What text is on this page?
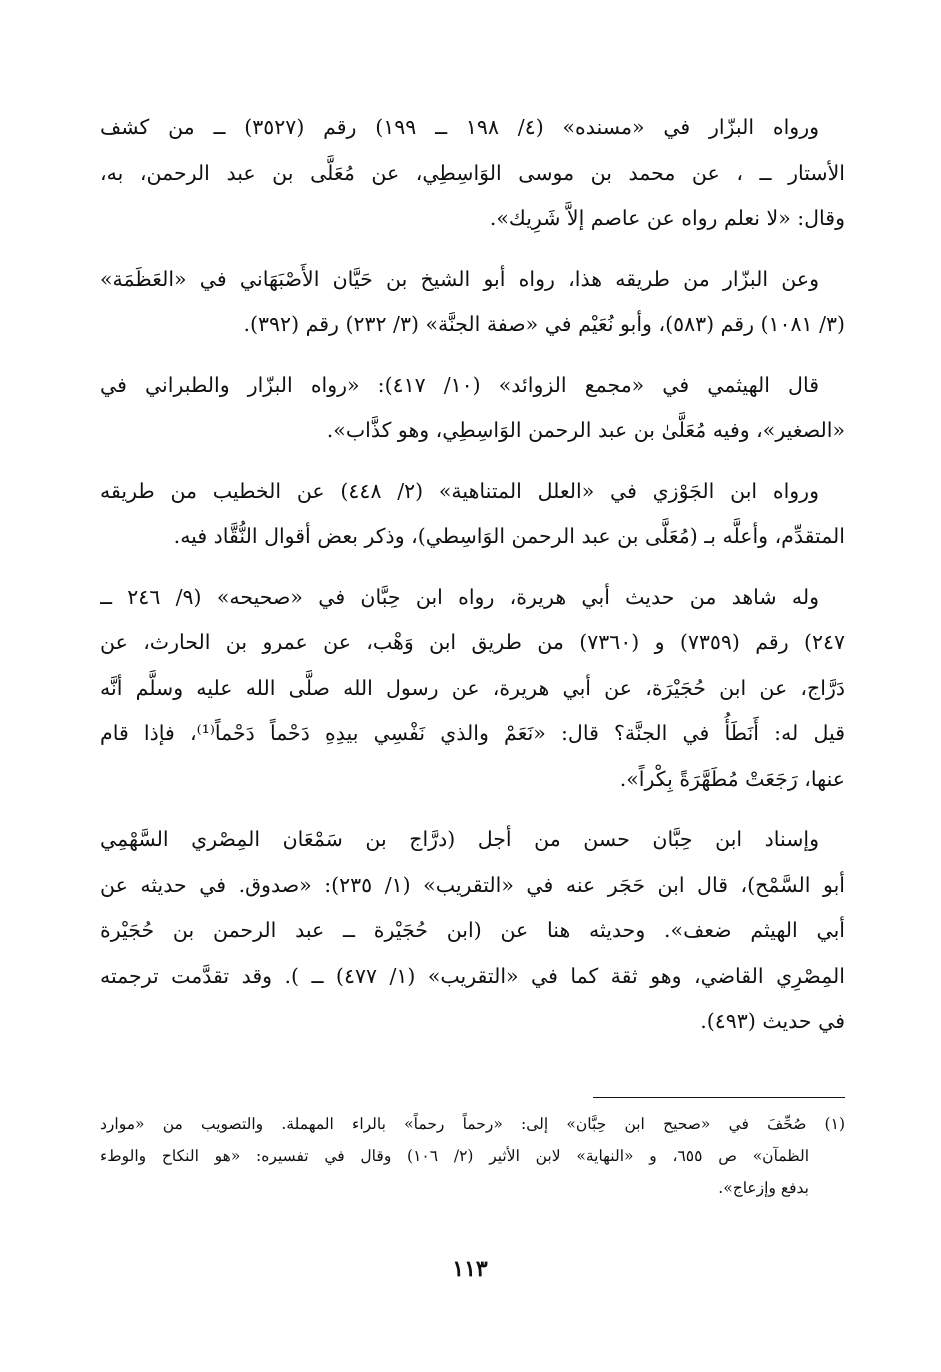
ورواه البزّار في «مسنده» (٤/ ١٩٨ ــ ١٩٩) رقم (٣٥٢٧) ــ من كشف
الأستار ــ ، عن محمد بن موسى الوَاسِطِي، عن مُعَلَّى بن عبد الرحمن، به،
وقال: «لا نعلم رواه عن عاصم إلاَّ شَرِيك».

وعن البزّار من طريقه هذا، رواه أبو الشيخ بن حَيَّان الأَصْبَهَاني في «العَظَمَة»
(٣/ ١٠٨١) رقم (٥٨٣)، وأبو نُعَيْم في «صفة الجنَّة» (٣/ ٢٣٢) رقم (٣٩٢).

قال الهيثمي في «مجمع الزوائد» (١٠/ ٤١٧): «رواه البزّار والطبراني في
«الصغير»، وفيه مُعَلَّىٰ بن عبد الرحمن الوَاسِطِي، وهو كذَّاب».

ورواه ابن الجَوْزي في «العلل المتناهية» (٢/ ٤٤٨) عن الخطيب من طريقه
المتقدِّم، وأعلَّه بـ (مُعَلَّى بن عبد الرحمن الوَاسِطي)، وذكر بعض أقوال النُّقَّاد فيه.

وله شاهد من حديث أبي هريرة، رواه ابن حِبَّان في «صحيحه» (٩/ ٢٤٦ ــ
٢٤٧) رقم (٧٣٥٩) و (٧٣٦٠) من طريق ابن وَهْب، عن عمرو بن الحارث، عن
دَرَّاج، عن ابن حُجَيْرَة، عن أبي هريرة، عن رسول الله صلَّى الله عليه وسلَّم أنَّه
قيل له: أَنَطَأُ في الجنَّة؟ قال: «نَعَمْ والذي نَفْسِي بيدِهِ دَحْماً دَحْماً⁽¹⁾، فإذا قام
عنها، رَجَعَتْ مُطَهَّرَةً بِكْراً».

وإسناد ابن حِبَّان حسن من أجل (درَّاج بن سَمْعَان المِصْري السَّهْمِي
أبو السَّمْح)، قال ابن حَجَر عنه في «التقريب» (١/ ٢٣٥): «صدوق. في حديثه عن
أبي الهيثم ضعف». وحديثه هنا عن (ابن حُجَيْرة ــ عبد الرحمن بن حُجَيْرة
المِصْرِي القاضي، وهو ثقة كما في «التقريب» (١/ ٤٧٧) ــ ). وقد تقدَّمت ترجمته
في حديث (٤٩٣).

(١) صُحِّفَ في «صحيح ابن حِبَّان» إلى: «رحماً رحماً» بالراء المهملة. والتصويب من «موارد
الظمآن» ص ٦٥٥، و «النهاية» لابن الأثير (٢/ ١٠٦) وقال في تفسيره: «هو النكاح والوطء
بدفع وإزعاج».
١١٣
